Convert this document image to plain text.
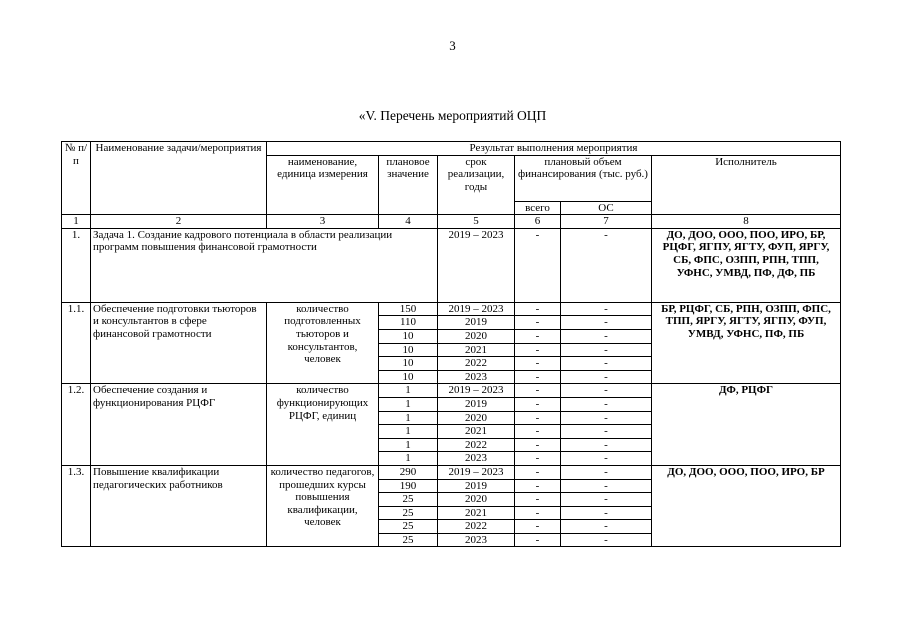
3
«V. Перечень мероприятий ОЦП
№ п/п	Наименование задачи/мероприятия	Результат выполнения мероприятия					
		наименование, единица измерения	плановое значение	срок реализации, годы	плановый объем финансирования (тыс. руб.)		Исполнитель
					всего	ОС	
1	2	3	4	5	6	7	8
1.	Задача 1. Создание кадрового потенциала в области реализации программ повышения финансовой грамотности			2019 – 2023	-	-	ДО, ДОО, ООО, ПОО, ИРО, БР, РЦФГ, ЯГПУ, ЯГТУ, ФУП, ЯРГУ, СБ, ФПС, ОЗПП, РПН, ТПП, УФНС, УМВД, ПФ, ДФ, ПБ
1.1.	Обеспечение подготовки тьюторов и консультантов в сфере финансовой грамотности	количество подготовленных тьюторов и консультантов, человек	150	2019 – 2023	-	-	БР, РЦФГ, СБ, РПН, ОЗПП, ФПС, ТПП, ЯРГУ, ЯГТУ, ЯГПУ, ФУП, УМВД, УФНС, ПФ, ПБ
			110	2019	-	-	
			10	2020	-	-	
			10	2021	-	-	
			10	2022	-	-	
			10	2023	-	-	
1.2.	Обеспечение создания и функционирования РЦФГ	количество функционирующих РЦФГ, единиц	1	2019 – 2023	-	-	ДФ, РЦФГ
			1	2019	-	-	
			1	2020	-	-	
			1	2021	-	-	
			1	2022	-	-	
			1	2023	-	-	
1.3.	Повышение квалификации педагогических работников	количество педагогов, прошедших курсы повышения квалификации, человек	290	2019 – 2023	-	-	ДО, ДОО, ООО, ПОО, ИРО, БР
			190	2019	-	-	
			25	2020	-	-	
			25	2021	-	-	
			25	2022	-	-	
			25	2023	-	-	
